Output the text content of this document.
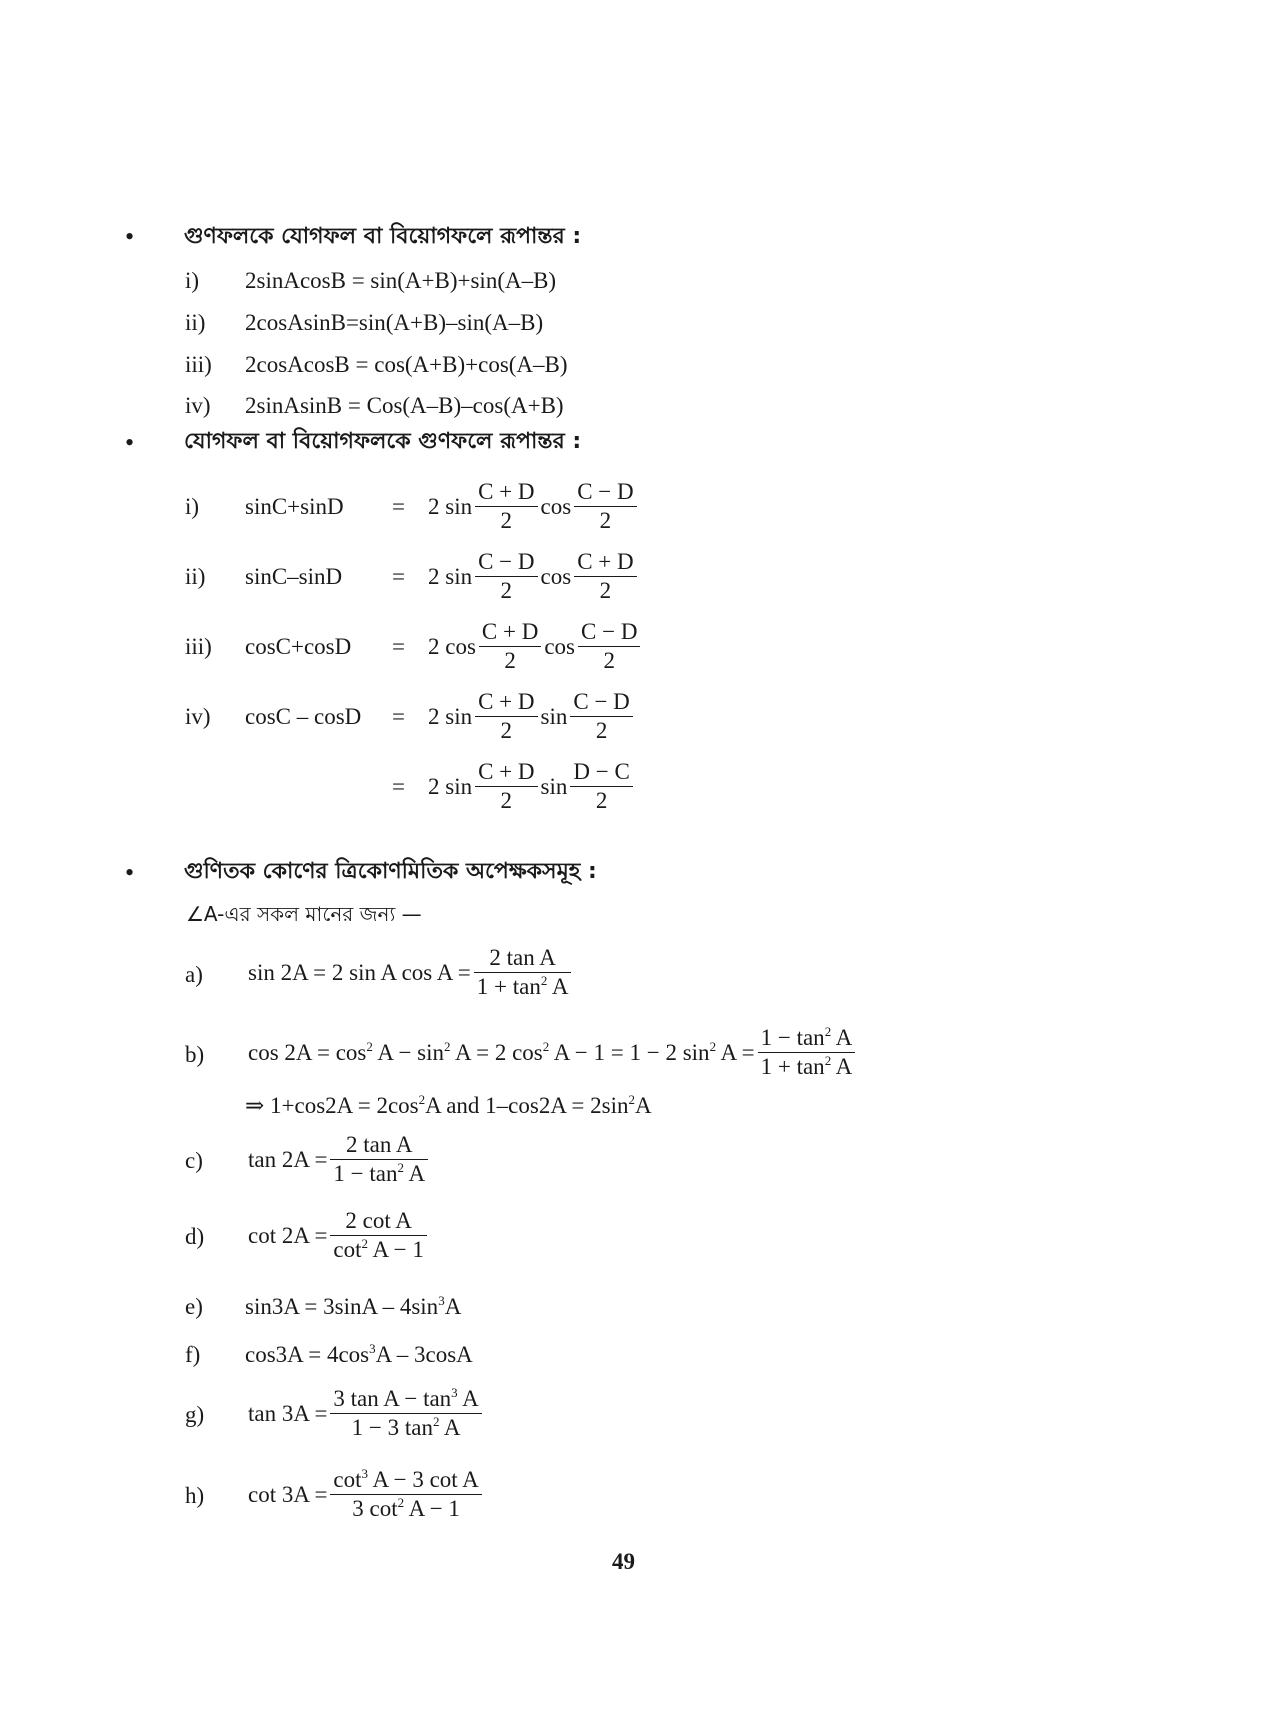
• গুণফলকে যোগফল বা বিয়োগফলে রূপান্তর :
i) 2sinAcosB = sin(A+B)+sin(A–B)
ii) 2cosAsinB=sin(A+B)–sin(A–B)
iii) 2cosAcosB = cos(A+B)+cos(A–B)
iv) 2sinAsinB = Cos(A–B)–cos(A+B)
• যোগফল বা বিয়োগফলকে গুণফলে রূপান্তর :
i) sinC+sinD = 2 $\sin \frac{C + D}{2}$ $\cos \frac{C - D}{2}$
ii) sinC–sinD = 2 $\sin \frac{C - D}{2}$ $\cos \frac{C + D}{2}$
iii) cosC+cosD = 2 $\cos \frac{C + D}{2}$ $\cos \frac{C - D}{2}$
iv) cosC – cosD = 2 $\sin \frac{C + D}{2}$ $\sin \frac{C - D}{2}$
= 2 $\sin \frac{C + D}{2}$ $\sin \frac{D - C}{2}$
• গুণিতক কোণের ত্রিকোণমিতিক অপেক্ষকসমূহ :
∠A-এর সকল মানের জন্য —
a) sin 2A = 2 sin A $\cos A = \frac{\text{2 tan A}}{1 + \tan^2 A}$
b) $\cos 2A = \cos^2 A - \sin^2 A = 2$ $\cos^2 A - 1 = 1 - 2$ $\sin^2 A = \frac{1 - \tan^2 A}{1 + \tan^2 A}$
⇒ $1+\cos 2A = 2\cos^2A$ and $1-\cos 2A = 2\sin^2A$
c) $\tan 2A = \frac{\text{2 tan A}}{1 - \tan^2 A}$
d) $\cot 2A = \frac{\text{2 cot A}}{\cot^2 A - 1}$
e) $\sin 3A = 3\sin A - 4\sin^3A$
f) $\cos 3A = 4\cos^3A - 3\cos A$
g) $\tan 3A = \frac{3 \tan A - \tan^3 A}{1 - 3 \tan^2 A}$
h) $\cot 3A = \frac{\cot^3 A - 3 \cot A}{3 \cot^2 A - 1}$
49
